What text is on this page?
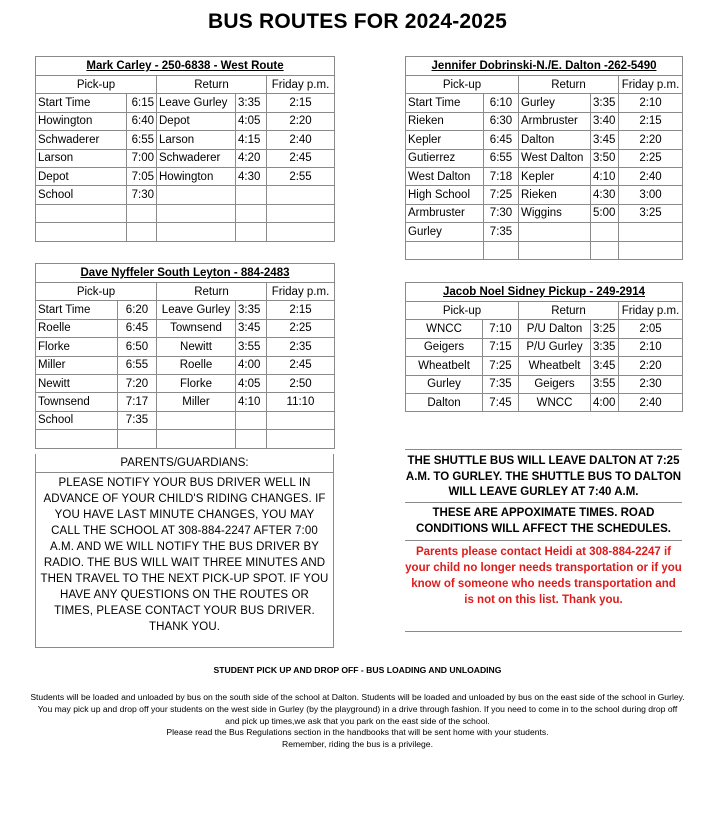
BUS ROUTES FOR 2024-2025
Mark Carley - 250-6838 - West Route				
Pick-up		Return		Friday p.m.
Start Time	6:15	Leave Gurley	3:35	2:15
Howington	6:40	Depot	4:05	2:20
Schwaderer	6:55	Larson	4:15	2:40
Larson	7:00	Schwaderer	4:20	2:45
Depot	7:05	Howington	4:30	2:55
School	7:30			

Jennifer Dobrinski-N./E. Dalton -262-5490				
Pick-up		Return		Friday p.m.
Start Time	6:10	Gurley	3:35	2:10
Rieken	6:30	Armbruster	3:40	2:15
Kepler	6:45	Dalton	3:45	2:20
Gutierrez	6:55	West Dalton	3:50	2:25
West Dalton	7:18	Kepler	4:10	2:40
High School	7:25	Rieken	4:30	3:00
Armbruster	7:30	Wiggins	5:00	3:25
Gurley	7:35			

Dave Nyffeler South Leyton - 884-2483				
Pick-up		Return		Friday p.m.
Start Time	6:20	Leave Gurley	3:35	2:15
Roelle	6:45	Townsend	3:45	2:25
Florke	6:50	Newitt	3:55	2:35
Miller	6:55	Roelle	4:00	2:45
Newitt	7:20	Florke	4:05	2:50
Townsend	7:17	Miller	4:10	11:10
School	7:35			

Jacob Noel Sidney Pickup - 249-2914				
Pick-up		Return		Friday p.m.
WNCC	7:10	P/U Dalton	3:25	2:05
Geigers	7:15	P/U Gurley	3:35	2:10
Wheatbelt	7:25	Wheatbelt	3:45	2:20
Gurley	7:35	Geigers	3:55	2:30
Dalton	7:45	WNCC	4:00	2:40
PARENTS/GUARDIANS:
PLEASE NOTIFY YOUR BUS DRIVER WELL IN ADVANCE OF YOUR CHILD'S RIDING CHANGES. IF YOU HAVE LAST MINUTE CHANGES, YOU MAY CALL THE SCHOOL AT 308-884-2247 AFTER 7:00 A.M. AND WE WILL NOTIFY THE BUS DRIVER BY RADIO. THE BUS WILL WAIT THREE MINUTES AND THEN TRAVEL TO THE NEXT PICK-UP SPOT. IF YOU HAVE ANY QUESTIONS ON THE ROUTES OR TIMES, PLEASE CONTACT YOUR BUS DRIVER. THANK YOU.
THE SHUTTLE BUS WILL LEAVE DALTON AT 7:25 A.M. TO GURLEY. THE SHUTTLE BUS TO DALTON WILL LEAVE GURLEY AT 7:40 A.M.
THESE ARE APPOXIMATE TIMES. ROAD CONDITIONS WILL AFFECT THE SCHEDULES.
Parents please contact Heidi at 308-884-2247 if your child no longer needs transportation or if you know of someone who needs transportation and is not on this list. Thank you.
STUDENT PICK UP AND DROP OFF - BUS LOADING AND UNLOADING

Students will be loaded and unloaded by bus on the south side of the school at Dalton. Students will be loaded and unloaded by bus on the east side of the school in Gurley.

You may pick up and drop off your students on the west side in Gurley (by the playground) in a drive through fashion. If you need to come in to the school during drop off and pick up times,we ask that you park on the east side of the school.

Please read the Bus Regulations section in the handbooks that will be sent home with your students.

Remember, riding the bus is a privilege.
